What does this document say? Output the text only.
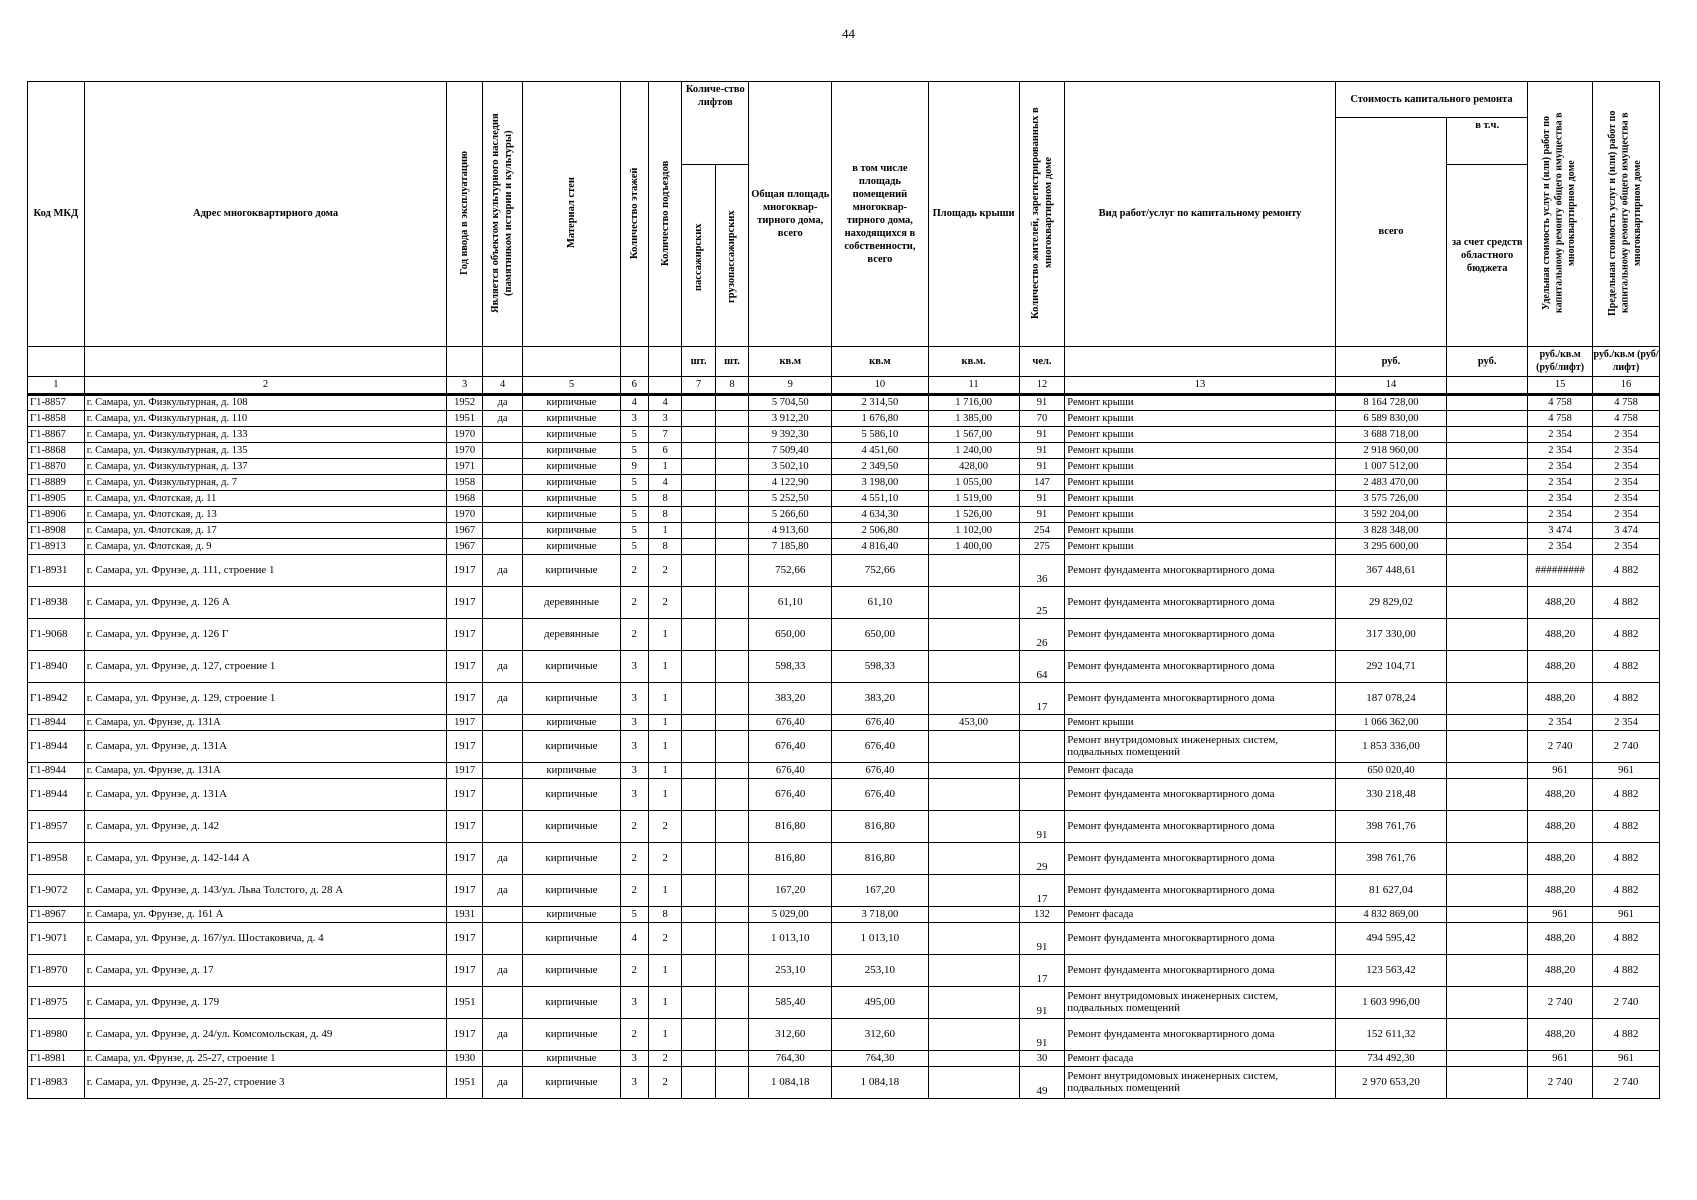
44
Код МКД	Адрес многоквартирного дома	Год ввода в эксплуатацию	Является объектом культурного наследия (памятником истории и культуры)	Материал стен	Количество этажей	Количество подъездов	Количе-ство лифтов		Общая площадь многоквар-тирного дома, всего	в том числе площадь помещений многоквар-тирного дома, находящихся в собственности, всего	Площадь крыши	Количество жителей, зарегистрированных в многоквартирном доме	Вид работ/услуг по капитальному ремонту	Стоимость капитального ремонта		Удельная стоимость услуг и (или) работ по капитальному ремонту общего имущества в многоквартирном доме	Предельная стоимость услуг и (или) работ по капитальному ремонту общего имущества в многоквартирном доме
														всего	в т.ч.		
							пассажирских	грузопассажирских							за счет средств областного бюджета		
							шт.	шт.	кв.м	кв.м	кв.м.	чел.		руб.	руб.	руб./кв.м (руб/лифт)	руб./кв.м (руб/лифт)
1	2	3	4	5	6		7	8	9	10	11	12	13	14		15	16
Г1-8857	г. Самара, ул. Физкультурная, д. 108	1952	да	кирпичные	4	4			5 704,50	2 314,50	1 716,00	91	Ремонт крыши	8 164 728,00		4 758	4 758
Г1-8858	г. Самара, ул. Физкультурная, д. 110	1951	да	кирпичные	3	3			3 912,20	1 676,80	1 385,00	70	Ремонт крыши	6 589 830,00		4 758	4 758
Г1-8867	г. Самара, ул. Физкультурная, д. 133	1970		кирпичные	5	7			9 392,30	5 586,10	1 567,00	91	Ремонт крыши	3 688 718,00		2 354	2 354
Г1-8868	г. Самара, ул. Физкультурная, д. 135	1970		кирпичные	5	6			7 509,40	4 451,60	1 240,00	91	Ремонт крыши	2 918 960,00		2 354	2 354
Г1-8870	г. Самара, ул. Физкультурная, д. 137	1971		кирпичные	9	1			3 502,10	2 349,50	428,00	91	Ремонт крыши	1 007 512,00		2 354	2 354
Г1-8889	г. Самара, ул. Физкультурная, д. 7	1958		кирпичные	5	4			4 122,90	3 198,00	1 055,00	147	Ремонт крыши	2 483 470,00		2 354	2 354
Г1-8905	г. Самара, ул. Флотская, д. 11	1968		кирпичные	5	8			5 252,50	4 551,10	1 519,00	91	Ремонт крыши	3 575 726,00		2 354	2 354
Г1-8906	г. Самара, ул. Флотская, д. 13	1970		кирпичные	5	8			5 266,60	4 634,30	1 526,00	91	Ремонт крыши	3 592 204,00		2 354	2 354
Г1-8908	г. Самара, ул. Флотская, д. 17	1967		кирпичные	5	1			4 913,60	2 506,80	1 102,00	254	Ремонт крыши	3 828 348,00		3 474	3 474
Г1-8913	г. Самара, ул. Флотская, д. 9	1967		кирпичные	5	8			7 185,80	4 816,40	1 400,00	275	Ремонт крыши	3 295 600,00		2 354	2 354
Г1-8931	г. Самара, ул. Фрунзе, д. 111, строение 1	1917	да	кирпичные	2	2			752,66	752,66		36	Ремонт фундамента многоквартирного дома	367 448,61		#########	4 882
Г1-8938	г. Самара, ул. Фрунзе, д. 126 А	1917		деревянные	2	2			61,10	61,10		25	Ремонт фундамента многоквартирного дома	29 829,02		488,20	4 882
Г1-9068	г. Самара, ул. Фрунзе, д. 126 Г	1917		деревянные	2	1			650,00	650,00		26	Ремонт фундамента многоквартирного дома	317 330,00		488,20	4 882
Г1-8940	г. Самара, ул. Фрунзе, д. 127, строение 1	1917	да	кирпичные	3	1			598,33	598,33		64	Ремонт фундамента многоквартирного дома	292 104,71		488,20	4 882
Г1-8942	г. Самара, ул. Фрунзе, д. 129, строение 1	1917	да	кирпичные	3	1			383,20	383,20		17	Ремонт фундамента многоквартирного дома	187 078,24		488,20	4 882
Г1-8944	г. Самара, ул. Фрунзе, д. 131А	1917		кирпичные	3	1			676,40	676,40	453,00		Ремонт крыши	1 066 362,00		2 354	2 354
Г1-8944	г. Самара, ул. Фрунзе, д. 131А	1917		кирпичные	3	1			676,40	676,40			Ремонт внутридомовых инженерных систем, подвальных помещений	1 853 336,00		2 740	2 740
Г1-8944	г. Самара, ул. Фрунзе, д. 131А	1917		кирпичные	3	1			676,40	676,40			Ремонт фасада	650 020,40		961	961
Г1-8944	г. Самара, ул. Фрунзе, д. 131А	1917		кирпичные	3	1			676,40	676,40			Ремонт фундамента многоквартирного дома	330 218,48		488,20	4 882
Г1-8957	г. Самара, ул. Фрунзе, д. 142	1917		кирпичные	2	2			816,80	816,80		91	Ремонт фундамента многоквартирного дома	398 761,76		488,20	4 882
Г1-8958	г. Самара, ул. Фрунзе, д. 142-144 А	1917	да	кирпичные	2	2			816,80	816,80		29	Ремонт фундамента многоквартирного дома	398 761,76		488,20	4 882
Г1-9072	г. Самара, ул. Фрунзе, д. 143/ул. Льва Толстого, д. 28 А	1917	да	кирпичные	2	1			167,20	167,20		17	Ремонт фундамента многоквартирного дома	81 627,04		488,20	4 882
Г1-8967	г. Самара, ул. Фрунзе, д. 161 А	1931		кирпичные	5	8			5 029,00	3 718,00		132	Ремонт фасада	4 832 869,00		961	961
Г1-9071	г. Самара, ул. Фрунзе, д. 167/ул. Шостаковича, д. 4	1917		кирпичные	4	2			1 013,10	1 013,10		91	Ремонт фундамента многоквартирного дома	494 595,42		488,20	4 882
Г1-8970	г. Самара, ул. Фрунзе, д. 17	1917	да	кирпичные	2	1			253,10	253,10		17	Ремонт фундамента многоквартирного дома	123 563,42		488,20	4 882
Г1-8975	г. Самара, ул. Фрунзе, д. 179	1951		кирпичные	3	1			585,40	495,00		91	Ремонт внутридомовых инженерных систем, подвальных помещений	1 603 996,00		2 740	2 740
Г1-8980	г. Самара, ул. Фрунзе, д. 24/ул. Комсомольская, д. 49	1917	да	кирпичные	2	1			312,60	312,60		91	Ремонт фундамента многоквартирного дома	152 611,32		488,20	4 882
Г1-8981	г. Самара, ул. Фрунзе, д. 25-27, строение 1	1930		кирпичные	3	2			764,30	764,30		30	Ремонт фасада	734 492,30		961	961
Г1-8983	г. Самара, ул. Фрунзе, д. 25-27, строение 3	1951	да	кирпичные	3	2			1 084,18	1 084,18		49	Ремонт внутридомовых инженерных систем, подвальных помещений	2 970 653,20		2 740	2 740
